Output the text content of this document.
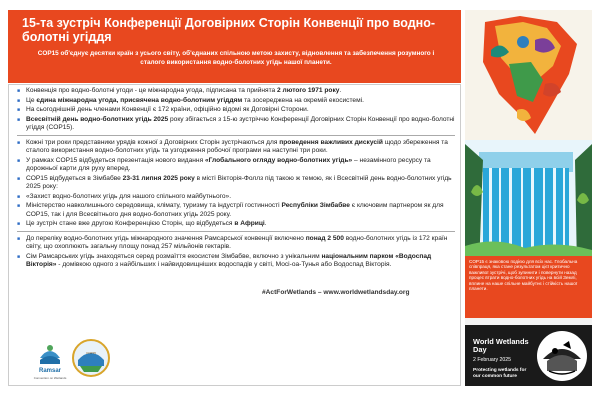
15-та зустріч Конференції Договірних Сторін Конвенції про водно-болотні угіддя
COP15 об'єднує десятки країн з усього світу, об'єднаних спільною метою захисту, відновлення та забезпечення розумного і сталого використання водно-болотних угідь нашої планети.
■ Конвенція про водно-болотні угоди - це міжнародна угода, підписана та прийнята 2 лютого 1971 року.
■ Це єдина міжнародна угода, присвячена водно-болотним угіддям та зосереджена на окремій екосистемі.
■ На сьогоднішній день членами Конвенції є 172 країни, офіційно відомі як Договірні Сторони.
■ Всесвітній день водно-болотних угідь 2025 року збігається з 15-ю зустріччю Конференції Договірних Сторін Конвенції про водно-болотні угіддя (COP15).
■ Кожні три роки представники урядів кожної з Договірних Сторін зустрічаються для проведення важливих дискусій щодо збереження та сталого використання водно-болотних угідь та узгодження робочої програми на наступні три роки.
■ У рамках COP15 відбудеться презентація нового видання «Глобального огляду водно-болотних угідь» – незамінного ресурсу та дорожньої карти для руху вперед.
■ COP15 відбудеться в Зімбабве 23-31 липня 2025 року в місті Вікторія-Фоллз під такою ж темою, як і Всесвітній день водно-болотних угідь 2025 року:
■ «Захист водно-болотних угідь для нашого спільного майбутнього».
■ Міністерство навколишнього середовища, клімату, туризму та індустрії гостинності Республіки Зімбабве є ключовим партнером як для COP15, так і для Всесвітнього дня водно-болотних угідь 2025 року.
■ Це зустріч стане вже другою Конференцією Сторін, що відбудеться в Африці.
■ До переліку водно-болотних угідь міжнародного значення Рамсарської конвенції включено понад 2 500 водно-болотних угідь із 172 країн світу, що охоплюють загальну площу понад 257 мільйонів гектарів.
■ Сім Рамсарських угідь знаходяться серед розмаїття екосистем Зімбабве, включно з унікальним національним парком «Водоспад Вікторія» - домівкою одного з найбільших і найвидовищніших водоспадів у світі, Мосі-оа-Тунья або Водоспад Вікторія.
#ActForWetlands – www.worldwetlandsday.org
Ramsar
Convention on Wetlands
COP15
COP15 є знаковою подією для всіх нас. Глобальна співпраця, яка стане результатом цієї критично важливої зустрічі, щоб зупинити і повернути назад процес втрати водно-болотних угідь на всій Землі, вплине на наше спільне майбутнє і стійкість нашої планети.
World Wetlands Day
2 February 2025
Protecting wetlands for our common future
